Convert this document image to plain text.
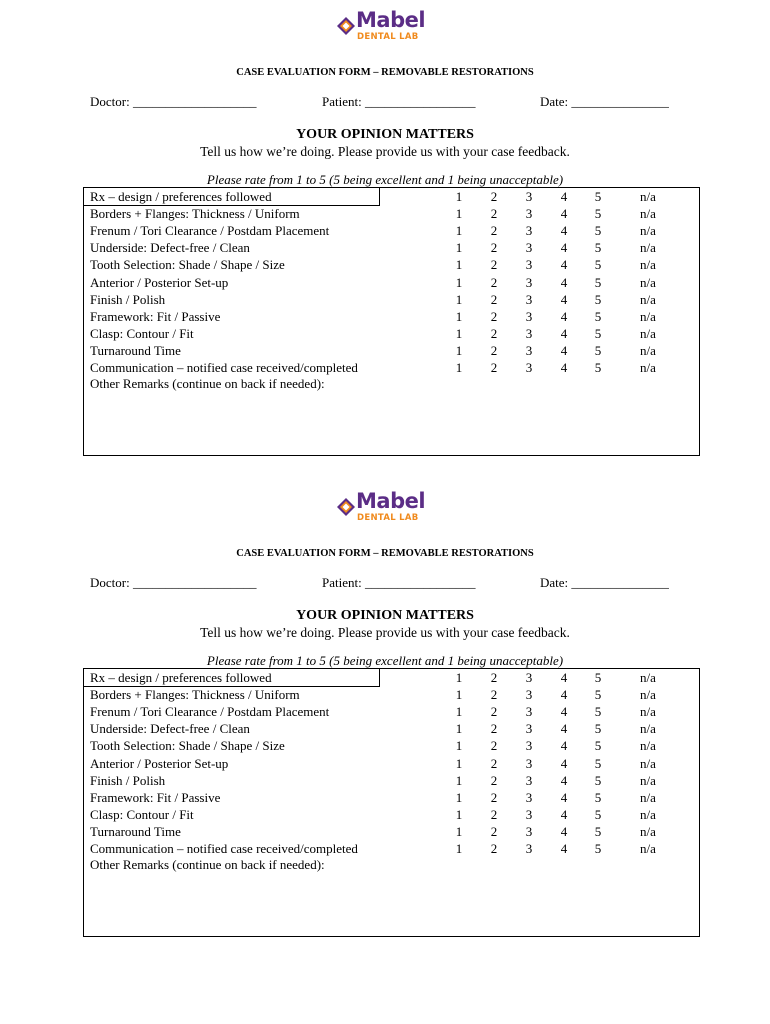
Mabel
DENTAL LAB
CASE EVALUATION FORM – REMOVABLE RESTORATIONS
Doctor: ___________________	Patient: _________________	Date: _______________
YOUR OPINION MATTERS
Tell us how we’re doing. Please provide us with your case feedback.
Please rate from 1 to 5 (5 being excellent and 1 being unacceptable)
Rx – design / preferences followed	1	2	3	4	5	n/a
Borders + Flanges: Thickness / Uniform	1	2	3	4	5	n/a
Frenum / Tori Clearance / Postdam Placement	1	2	3	4	5	n/a
Underside: Defect-free / Clean	1	2	3	4	5	n/a
Tooth Selection: Shade / Shape / Size	1	2	3	4	5	n/a
Anterior / Posterior Set-up	1	2	3	4	5	n/a
Finish / Polish	1	2	3	4	5	n/a
Framework: Fit / Passive	1	2	3	4	5	n/a
Clasp: Contour / Fit	1	2	3	4	5	n/a
Turnaround Time	1	2	3	4	5	n/a
Communication – notified case received/completed	1	2	3	4	5	n/a
Other Remarks (continue on back if needed):
Mabel
DENTAL LAB
CASE EVALUATION FORM – REMOVABLE RESTORATIONS
Doctor: ___________________	Patient: _________________	Date: _______________
YOUR OPINION MATTERS
Tell us how we’re doing. Please provide us with your case feedback.
Please rate from 1 to 5 (5 being excellent and 1 being unacceptable)
Rx – design / preferences followed	1	2	3	4	5	n/a
Borders + Flanges: Thickness / Uniform	1	2	3	4	5	n/a
Frenum / Tori Clearance / Postdam Placement	1	2	3	4	5	n/a
Underside: Defect-free / Clean	1	2	3	4	5	n/a
Tooth Selection: Shade / Shape / Size	1	2	3	4	5	n/a
Anterior / Posterior Set-up	1	2	3	4	5	n/a
Finish / Polish	1	2	3	4	5	n/a
Framework: Fit / Passive	1	2	3	4	5	n/a
Clasp: Contour / Fit	1	2	3	4	5	n/a
Turnaround Time	1	2	3	4	5	n/a
Communication – notified case received/completed	1	2	3	4	5	n/a
Other Remarks (continue on back if needed):
